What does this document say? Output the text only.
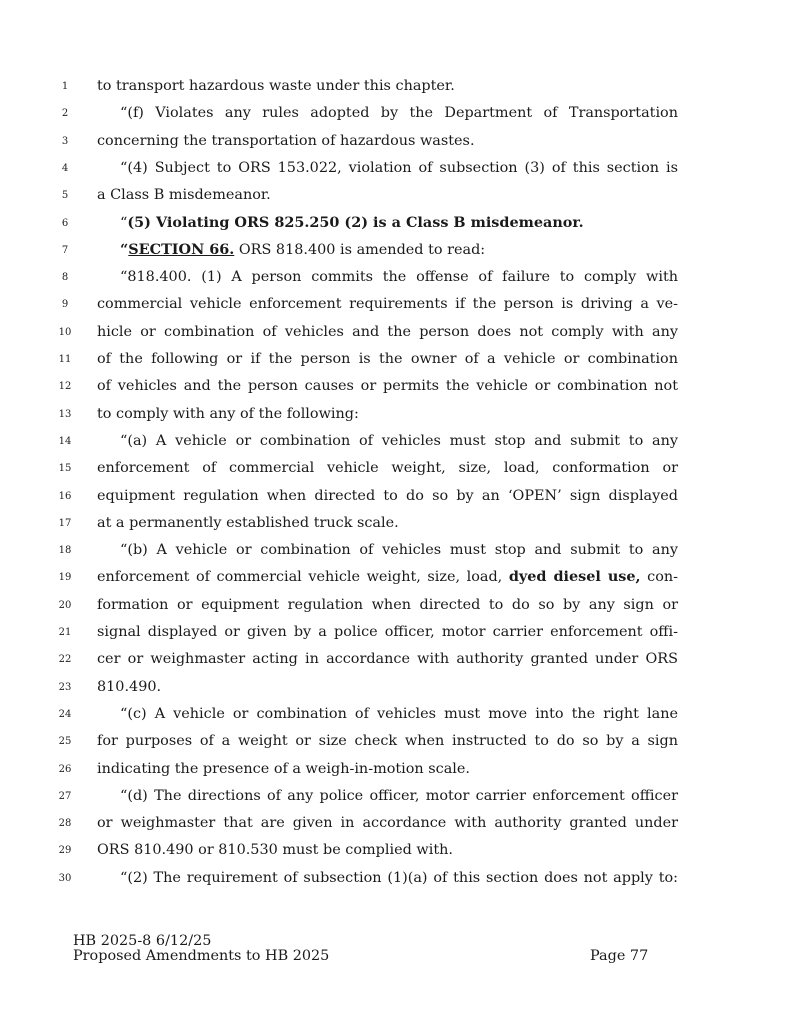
1	to transport hazardous waste under this chapter.
2	“(f) Violates any rules adopted by the Department of Transportation
3	concerning the transportation of hazardous wastes.
4	“(4) Subject to ORS 153.022, violation of subsection (3) of this section is
5	a Class B misdemeanor.
6	“(5) Violating ORS 825.250 (2) is a Class B misdemeanor.
7	“SECTION 66. ORS 818.400 is amended to read:
8	“818.400. (1) A person commits the offense of failure to comply with
9	commercial vehicle enforcement requirements if the person is driving a ve-
10	hicle or combination of vehicles and the person does not comply with any
11	of the following or if the person is the owner of a vehicle or combination
12	of vehicles and the person causes or permits the vehicle or combination not
13	to comply with any of the following:
14	“(a) A vehicle or combination of vehicles must stop and submit to any
15	enforcement of commercial vehicle weight, size, load, conformation or
16	equipment regulation when directed to do so by an ‘OPEN’ sign displayed
17	at a permanently established truck scale.
18	“(b) A vehicle or combination of vehicles must stop and submit to any
19	enforcement of commercial vehicle weight, size, load, dyed diesel use, con-
20	formation or equipment regulation when directed to do so by any sign or
21	signal displayed or given by a police officer, motor carrier enforcement offi-
22	cer or weighmaster acting in accordance with authority granted under ORS
23	810.490.
24	“(c) A vehicle or combination of vehicles must move into the right lane
25	for purposes of a weight or size check when instructed to do so by a sign
26	indicating the presence of a weigh-in-motion scale.
27	“(d) The directions of any police officer, motor carrier enforcement officer
28	or weighmaster that are given in accordance with authority granted under
29	ORS 810.490 or 810.530 must be complied with.
30	“(2) The requirement of subsection (1)(a) of this section does not apply to:
HB 2025-8 6/12/25
Proposed Amendments to HB 2025	Page 77
